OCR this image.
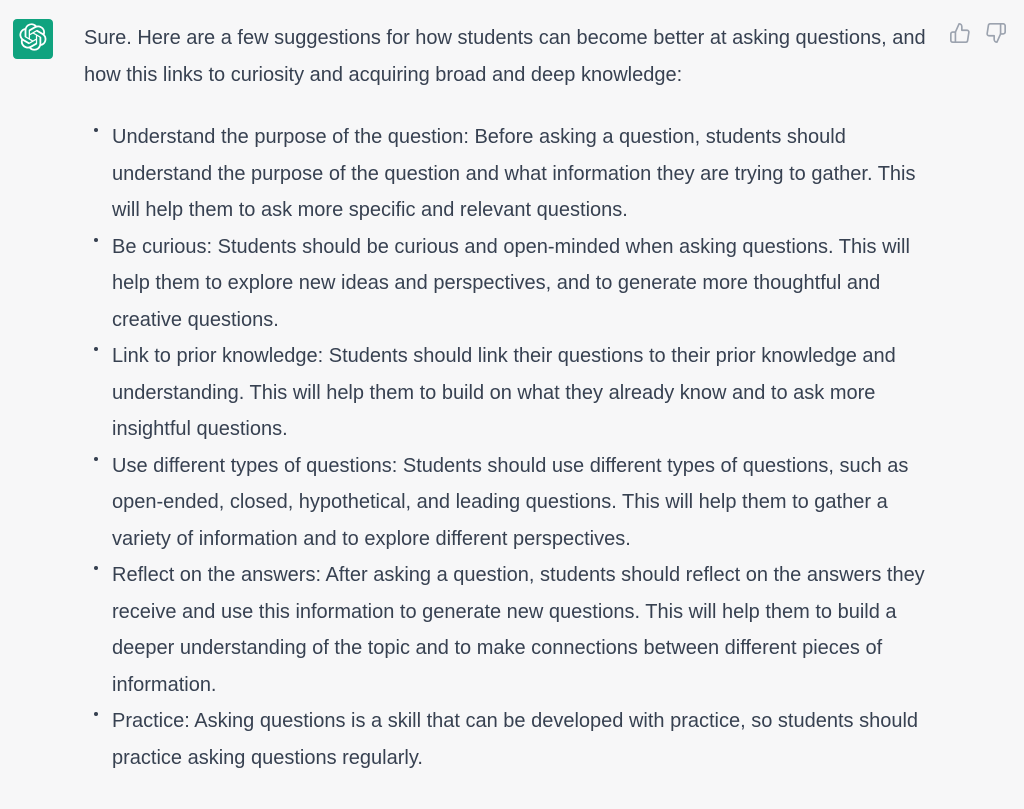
Sure. Here are a few suggestions for how students can become better at asking questions, and how this links to curiosity and acquiring broad and deep knowledge:

Understand the purpose of the question: Before asking a question, students should understand the purpose of the question and what information they are trying to gather. This will help them to ask more specific and relevant questions.
Be curious: Students should be curious and open-minded when asking questions. This will help them to explore new ideas and perspectives, and to generate more thoughtful and creative questions.
Link to prior knowledge: Students should link their questions to their prior knowledge and understanding. This will help them to build on what they already know and to ask more insightful questions.
Use different types of questions: Students should use different types of questions, such as open-ended, closed, hypothetical, and leading questions. This will help them to gather a variety of information and to explore different perspectives.
Reflect on the answers: After asking a question, students should reflect on the answers they receive and use this information to generate new questions. This will help them to build a deeper understanding of the topic and to make connections between different pieces of information.
Practice: Asking questions is a skill that can be developed with practice, so students should practice asking questions regularly.
